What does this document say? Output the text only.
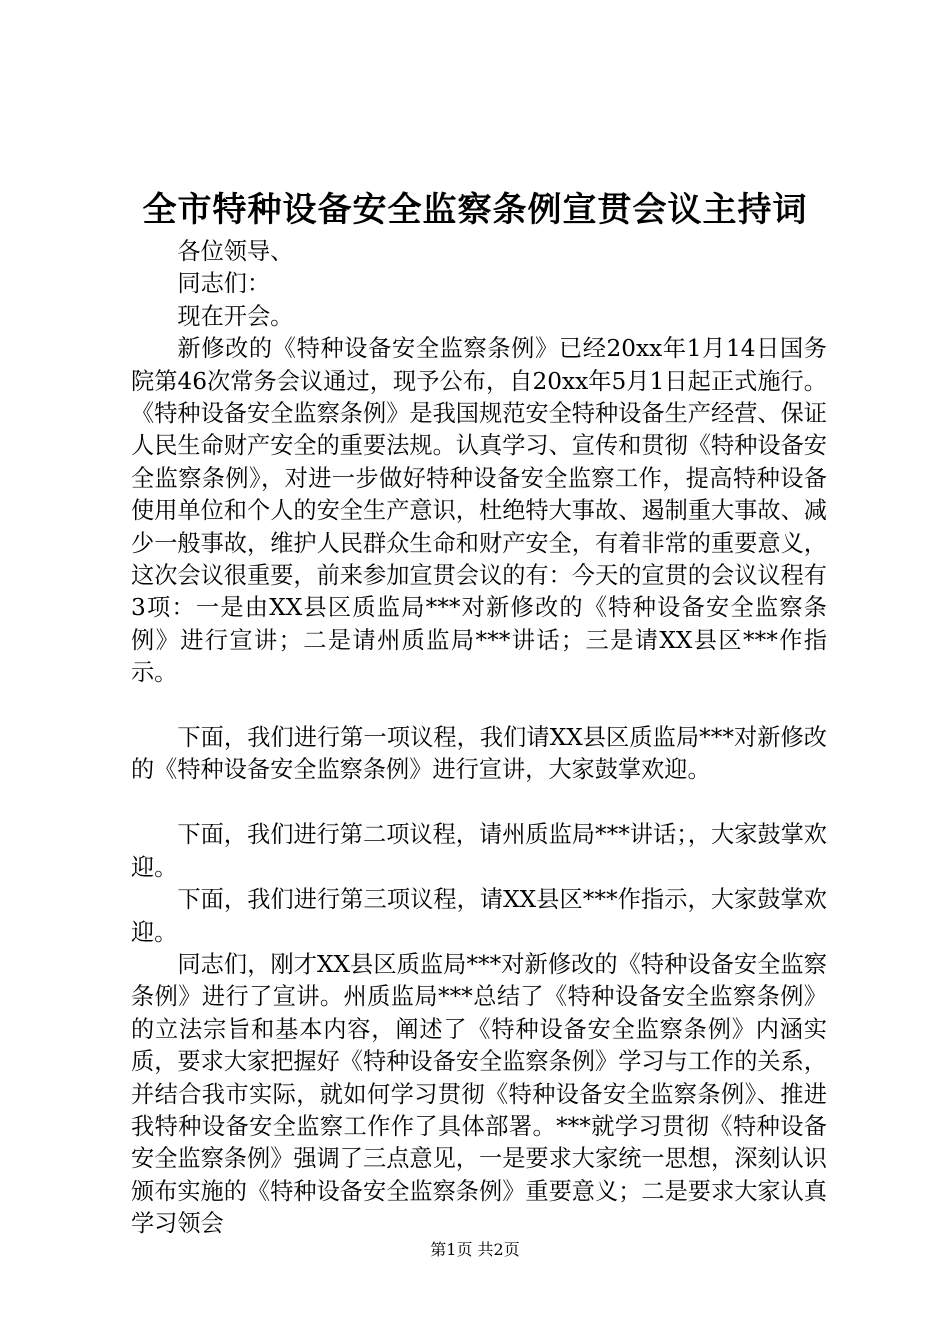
全市特种设备安全监察条例宣贯会议主持词

各位领导、

同志们：

现在开会。

新修改的《特种设备安全监察条例》已经20xx年1月14日国务院第46次常务会议通过，现予公布，自20xx年5月1日起正式施行。《特种设备安全监察条例》是我国规范安全特种设备生产经营、保证人民生命财产安全的重要法规。认真学习、宣传和贯彻《特种设备安全监察条例》，对进一步做好特种设备安全监察工作，提高特种设备使用单位和个人的安全生产意识，杜绝特大事故、遏制重大事故、减少一般事故，维护人民群众生命和财产安全，有着非常的重要意义，这次会议很重要，前来参加宣贯会议的有：今天的宣贯的会议议程有3项：一是由XX县区质监局***对新修改的《特种设备安全监察条例》进行宣讲；二是请州质监局***讲话；三是请XX县区***作指示。

下面，我们进行第一项议程，我们请XX县区质监局***对新修改的《特种设备安全监察条例》进行宣讲，大家鼓掌欢迎。

下面，我们进行第二项议程，请州质监局***讲话；，大家鼓掌欢迎。

下面，我们进行第三项议程，请XX县区***作指示，大家鼓掌欢迎。

同志们，刚才XX县区质监局***对新修改的《特种设备安全监察条例》进行了宣讲。州质监局***总结了《特种设备安全监察条例》的立法宗旨和基本内容，阐述了《特种设备安全监察条例》内涵实质，要求大家把握好《特种设备安全监察条例》学习与工作的关系，并结合我市实际，就如何学习贯彻《特种设备安全监察条例》、推进我特种设备安全监察工作作了具体部署。***就学习贯彻《特种设备安全监察条例》强调了三点意见，一是要求大家统一思想，深刻认识颁布实施的《特种设备安全监察条例》重要意义；二是要求大家认真学习领会

第1页 共2页
